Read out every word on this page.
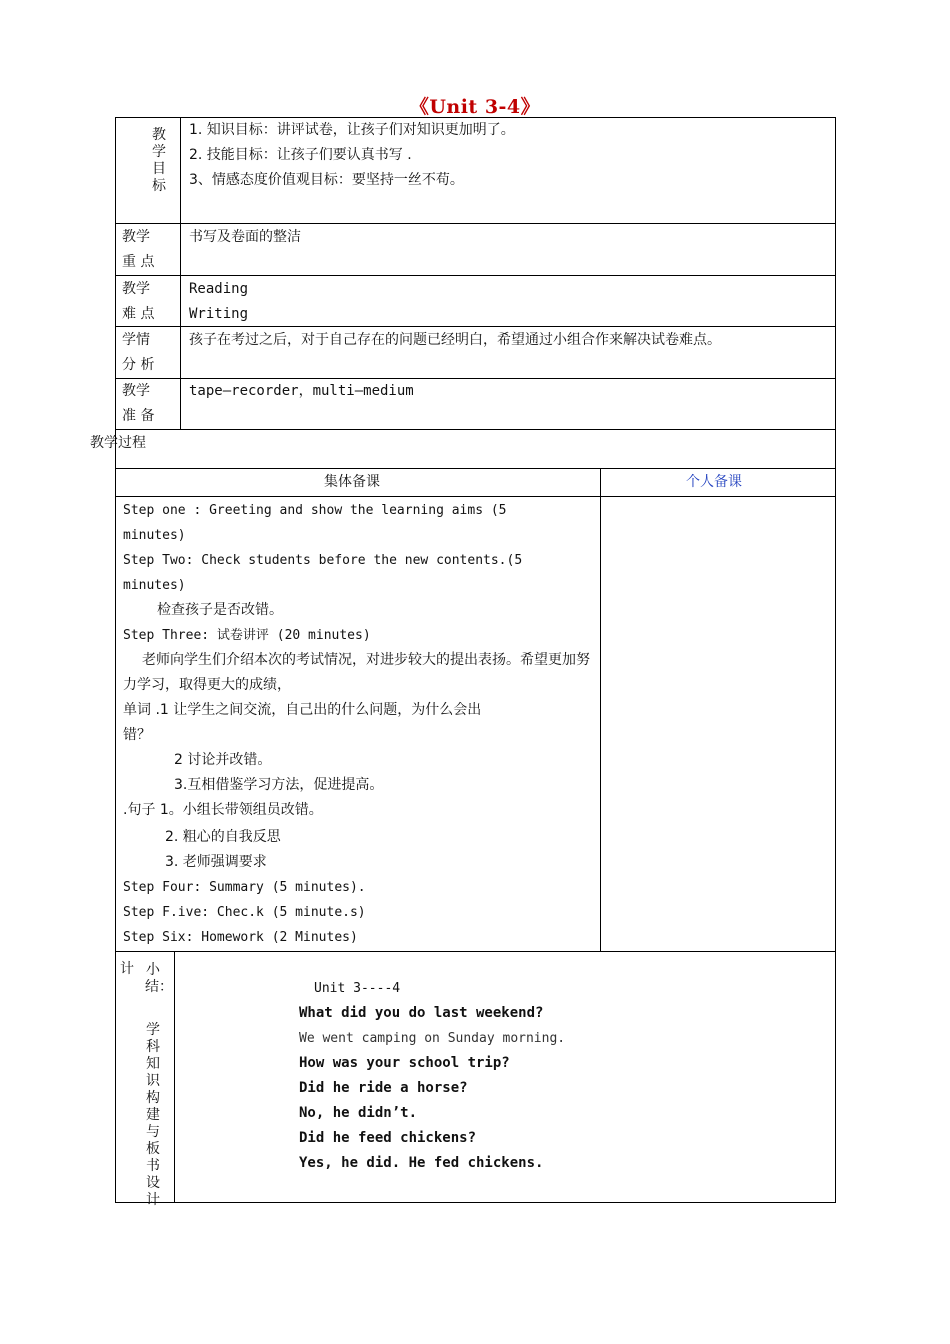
《Unit 3-4》
教学目标
1. 知识目标：讲评试卷，让孩子们对知识更加明了。
2. 技能目标：让孩子们要认真书写 .
3、情感态度价值观目标：要坚持一丝不苟。
教学
重 点
书写及卷面的整洁
教学
难 点
Reading
Writing
学情
分 析
孩子在考过之后，对于自己存在的问题已经明白，希望通过小组合作来解决试卷难点。
教学
准 备
tape—recorder，multi—medium
教学过程
集体备课	个人备课
Step one : Greeting and show the learning aims (5
minutes)
Step Two: Check students before the new contents.(5
minutes)
检查孩子是否改错。
Step Three: 试卷讲评 (20 minutes)
老师向学生们介绍本次的考试情况，对进步较大的提出表扬。希望更加努
力学习，取得更大的成绩，
单词 .1 让学生之间交流，自己出的什么问题，为什么会出
错？
2 讨论并改错。
3.互相借鉴学习方法，促进提高。
.句子 1。小组长带领组员改错。
2. 粗心的自我反思
3. 老师强调要求
Step Four: Summary (5 minutes).
Step F.ive: Chec.k (5 minute.s)
Step Six: Homework (2 Minutes)
计 小结：
学科知识构建与板书设计
Unit 3----4
What did you do last weekend?
We went camping on Sunday morning.
How was your school trip?
Did he ride a horse?
No, he didn’t.
Did he feed chickens?
Yes, he did. He fed chickens.
